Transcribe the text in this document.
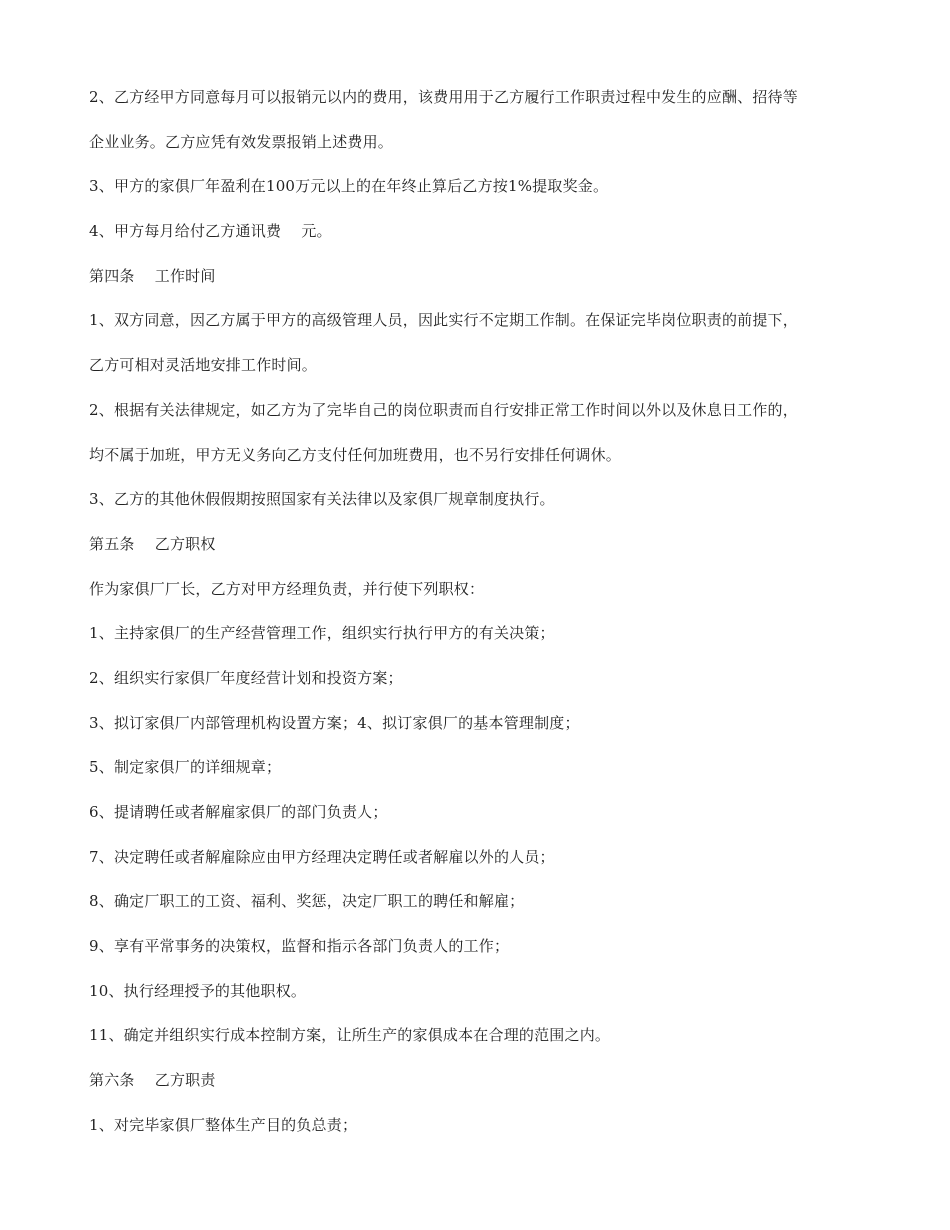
2、乙方经甲方同意每月可以报销元以内的费用，该费用用于乙方履行工作职责过程中发生的应酬、招待等
企业业务。乙方应凭有效发票报销上述费用。
3、甲方的家俱厂年盈利在100万元以上的在年终止算后乙方按1%提取奖金。
4、甲方每月给付乙方通讯费　 元。
第四条　 工作时间
1、双方同意，因乙方属于甲方的高级管理人员，因此实行不定期工作制。在保证完毕岗位职责的前提下，
乙方可相对灵活地安排工作时间。
2、根据有关法律规定，如乙方为了完毕自己的岗位职责而自行安排正常工作时间以外以及休息日工作的，
均不属于加班，甲方无义务向乙方支付任何加班费用，也不另行安排任何调休。
3、乙方的其他休假假期按照国家有关法律以及家俱厂规章制度执行。
第五条　 乙方职权
作为家俱厂厂长，乙方对甲方经理负责，并行使下列职权：
1、主持家俱厂的生产经营管理工作，组织实行执行甲方的有关决策；
2、组织实行家俱厂年度经营计划和投资方案；
3、拟订家俱厂内部管理机构设置方案；4、拟订家俱厂的基本管理制度；
5、制定家俱厂的详细规章；
6、提请聘任或者解雇家俱厂的部门负责人；
7、决定聘任或者解雇除应由甲方经理决定聘任或者解雇以外的人员；
8、确定厂职工的工资、福利、奖惩，决定厂职工的聘任和解雇；
9、享有平常事务的决策权，监督和指示各部门负责人的工作；
10、执行经理授予的其他职权。
11、确定并组织实行成本控制方案，让所生产的家俱成本在合理的范围之内。
第六条　 乙方职责
1、对完毕家俱厂整体生产目的负总责；
